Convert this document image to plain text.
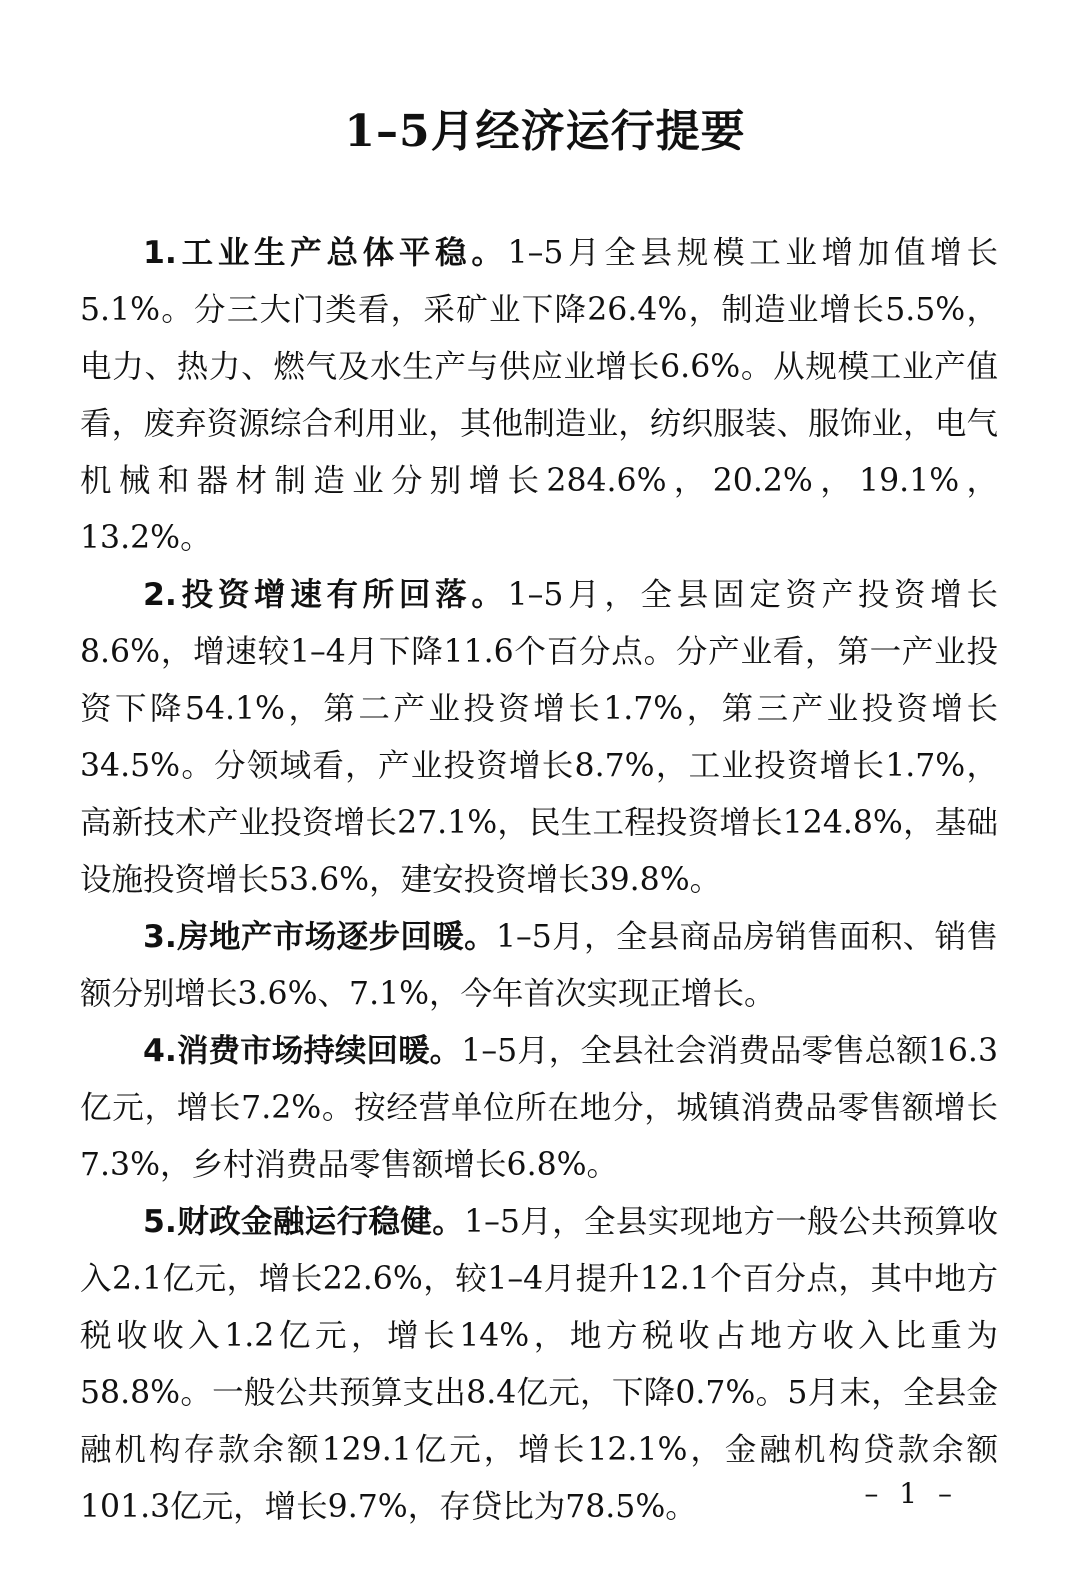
1–5月经济运行提要

1.工业生产总体平稳。1–5月全县规模工业增加值增长5.1%。分三大门类看，采矿业下降26.4%，制造业增长5.5%，电力、热力、燃气及水生产与供应业增长6.6%。从规模工业产值看，废弃资源综合利用业，其他制造业，纺织服装、服饰业，电气机械和器材制造业分别增长284.6%，20.2%，19.1%，13.2%。

2.投资增速有所回落。1–5月，全县固定资产投资增长8.6%，增速较1–4月下降11.6个百分点。分产业看，第一产业投资下降54.1%，第二产业投资增长1.7%，第三产业投资增长34.5%。分领域看，产业投资增长8.7%，工业投资增长1.7%，高新技术产业投资增长27.1%，民生工程投资增长124.8%，基础设施投资增长53.6%，建安投资增长39.8%。

3.房地产市场逐步回暖。1–5月，全县商品房销售面积、销售额分别增长3.6%、7.1%，今年首次实现正增长。

4.消费市场持续回暖。1–5月，全县社会消费品零售总额16.3亿元，增长7.2%。按经营单位所在地分，城镇消费品零售额增长7.3%，乡村消费品零售额增长6.8%。

5.财政金融运行稳健。1–5月，全县实现地方一般公共预算收入2.1亿元，增长22.6%，较1–4月提升12.1个百分点，其中地方税收收入1.2亿元，增长14%，地方税收占地方收入比重为58.8%。一般公共预算支出8.4亿元，下降0.7%。5月末，全县金融机构存款余额129.1亿元，增长12.1%，金融机构贷款余额101.3亿元，增长9.7%，存贷比为78.5%。	– 1 –
